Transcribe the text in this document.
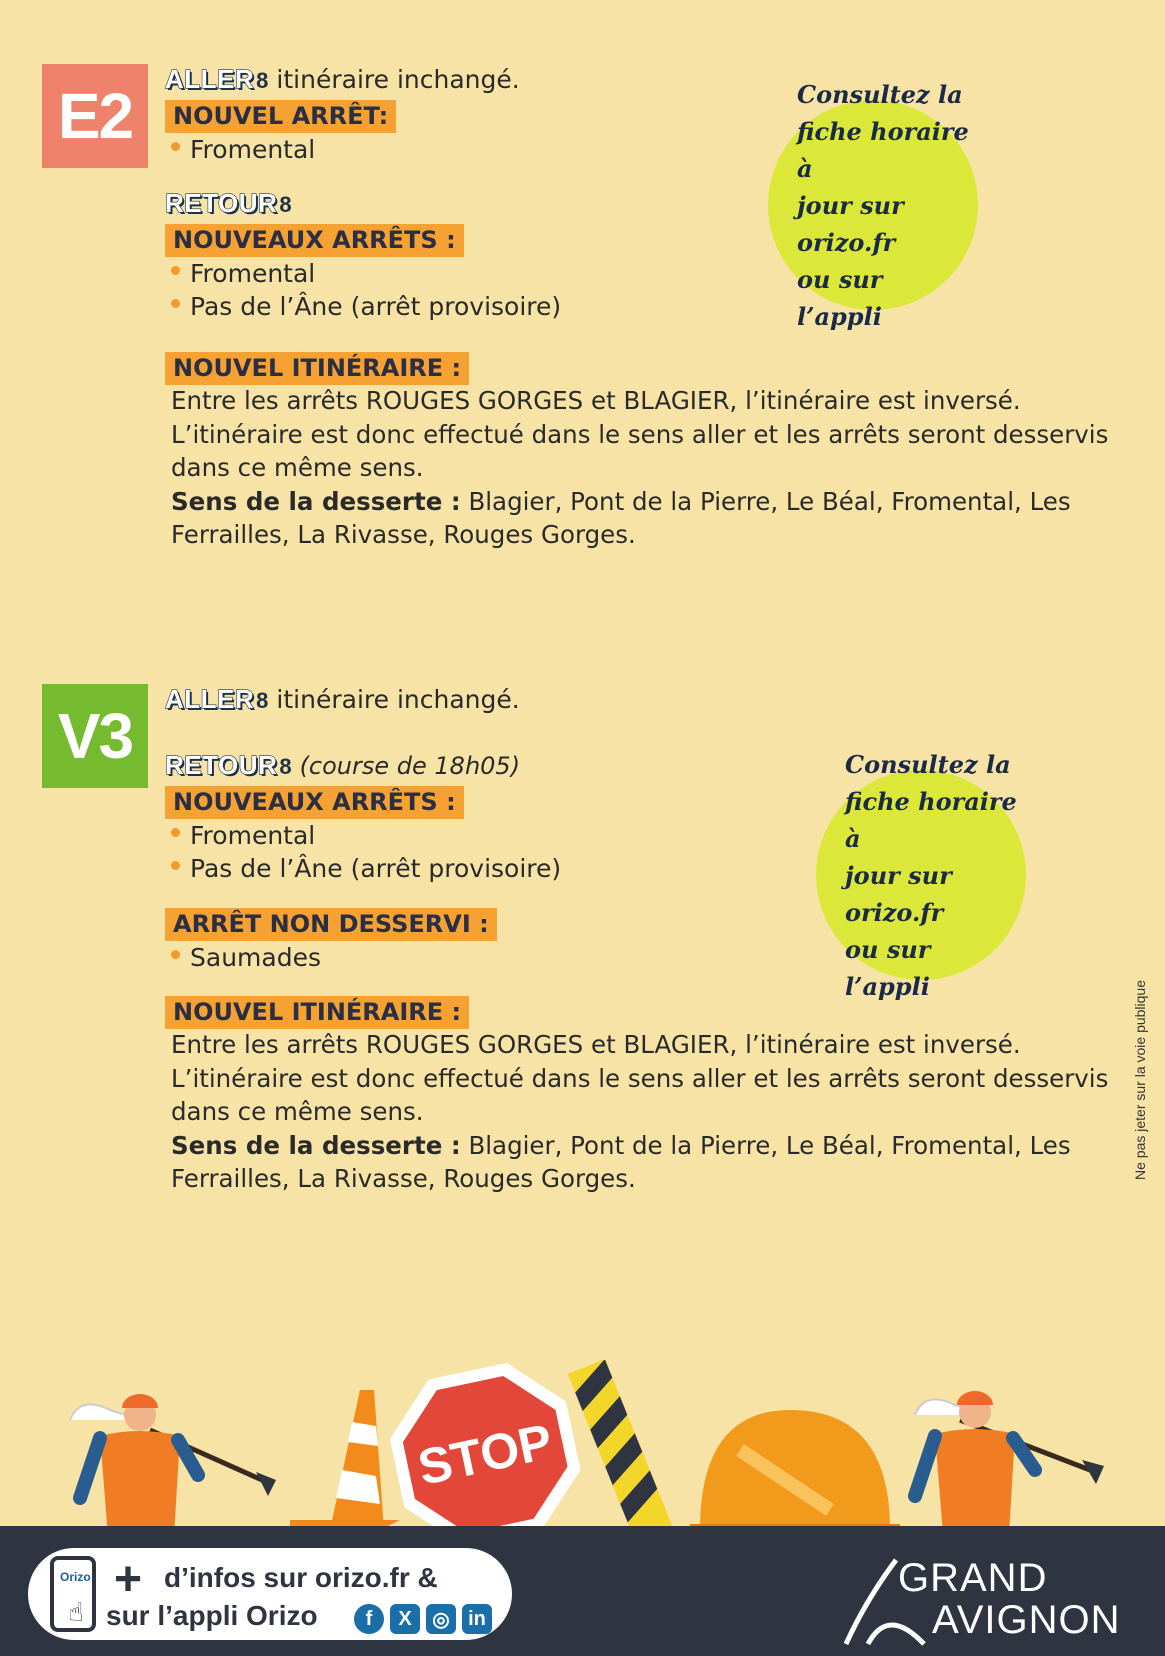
E2
ALLER8 itinéraire inchangé.
NOUVEL ARRÊT:
Fromental
RETOUR8
NOUVEAUX ARRÊTS :
Fromental
Pas de l’Âne (arrêt provisoire)
NOUVEL ITINÉRAIRE :
Entre les arrêts ROUGES GORGES et BLAGIER, l’itinéraire est inversé. L’itinéraire est donc effectué dans le sens aller et les arrêts seront desservis dans ce même sens.
Sens de la desserte : Blagier, Pont de la Pierre, Le Béal, Fromental, Les Ferrailles, La Rivasse, Rouges Gorges.
Consultez la
fiche horaire à
jour sur orizo.fr
ou sur l’appli
V3
ALLER8 itinéraire inchangé.
RETOUR8 (course de 18h05)
NOUVEAUX ARRÊTS :
Fromental
Pas de l’Âne (arrêt provisoire)
ARRÊT NON DESSERVI :
Saumades
NOUVEL ITINÉRAIRE :
Entre les arrêts ROUGES GORGES et BLAGIER, l’itinéraire est inversé. L’itinéraire est donc effectué dans le sens aller et les arrêts seront desservis dans ce même sens.
Sens de la desserte : Blagier, Pont de la Pierre, Le Béal, Fromental, Les Ferrailles, La Rivasse, Rouges Gorges.
Consultez la
fiche horaire à
jour sur orizo.fr
ou sur l’appli	Ne pas jeter sur la voie publique
STOP
Orizo
☝
+ d’infos sur orizo.fr &
sur l’appli Orizo	f	X	◎ in
GRAND
AVIGNON
